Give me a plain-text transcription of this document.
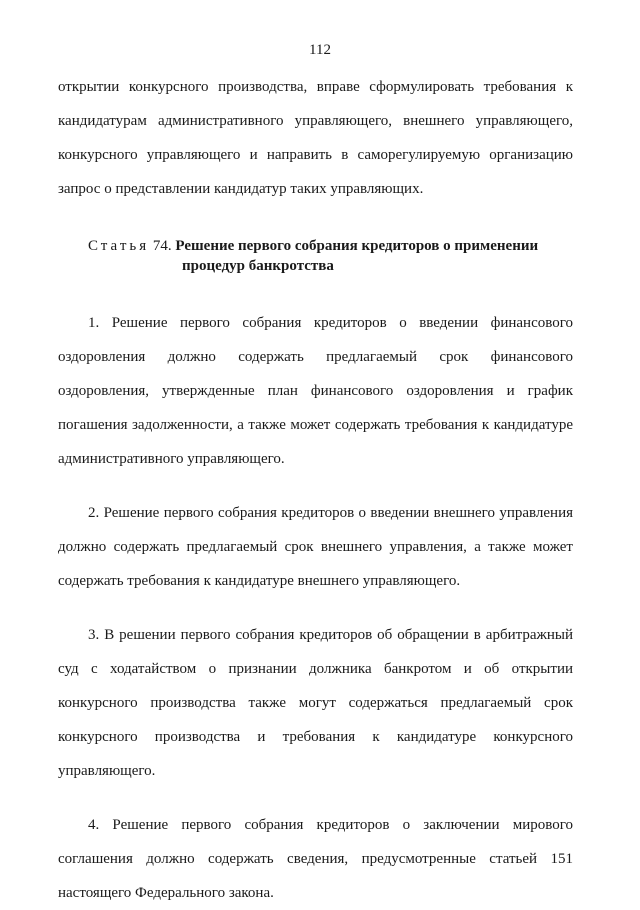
112

открытии конкурсного производства, вправе сформулировать требования к кандидатурам административного управляющего, внешнего управляющего, конкурсного управляющего и направить в саморегулируемую организацию запрос о представлении кандидатур таких управляющих.

Статья 74. Решение первого собрания кредиторов о применении
процедур банкротства

1. Решение первого собрания кредиторов о введении финансового оздоровления должно содержать предлагаемый срок финансового оздоровления, утвержденные план финансового оздоровления и график погашения задолженности, а также может содержать требования к кандидатуре административного управляющего.

2. Решение первого собрания кредиторов о введении внешнего управления должно содержать предлагаемый срок внешнего управления, а также может содержать требования к кандидатуре внешнего управляющего.

3. В решении первого собрания кредиторов об обращении в арбитражный суд с ходатайством о признании должника банкротом и об открытии конкурсного производства также могут содержаться предлагаемый срок конкурсного производства и требования к кандидатуре конкурсного управляющего.

4. Решение первого собрания кредиторов о заключении мирового соглашения должно содержать сведения, предусмотренные статьей 151 настоящего Федерального закона.
